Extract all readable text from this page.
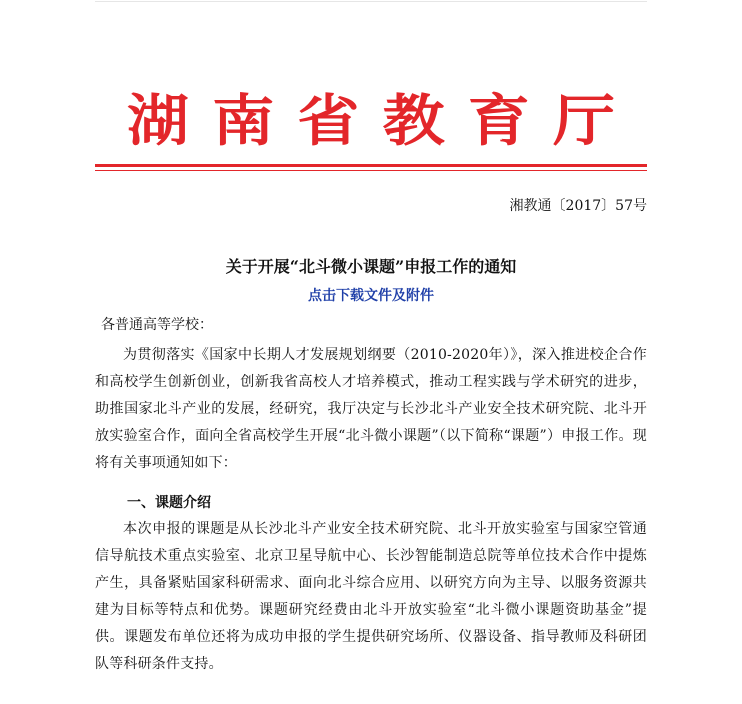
湖 南 省 教 育 厅
湘教通〔2017〕57号
关于开展“北斗微小课题”申报工作的通知
点击下载文件及附件
各普通高等学校：
为贯彻落实《国家中长期人才发展规划纲要（2010-2020年）》，深入推进校企合作和高校学生创新创业，创新我省高校人才培养模式，推动工程实践与学术研究的进步，助推国家北斗产业的发展，经研究，我厅决定与长沙北斗产业安全技术研究院、北斗开放实验室合作，面向全省高校学生开展“北斗微小课题”（以下简称“课题”）申报工作。现将有关事项通知如下：
一、课题介绍
本次申报的课题是从长沙北斗产业安全技术研究院、北斗开放实验室与国家空管通信导航技术重点实验室、北京卫星导航中心、长沙智能制造总院等单位技术合作中提炼产生，具备紧贴国家科研需求、面向北斗综合应用、以研究方向为主导、以服务资源共建为目标等特点和优势。课题研究经费由北斗开放实验室“北斗微小课题资助基金”提供。课题发布单位还将为成功申报的学生提供研究场所、仪器设备、指导教师及科研团队等科研条件支持。
